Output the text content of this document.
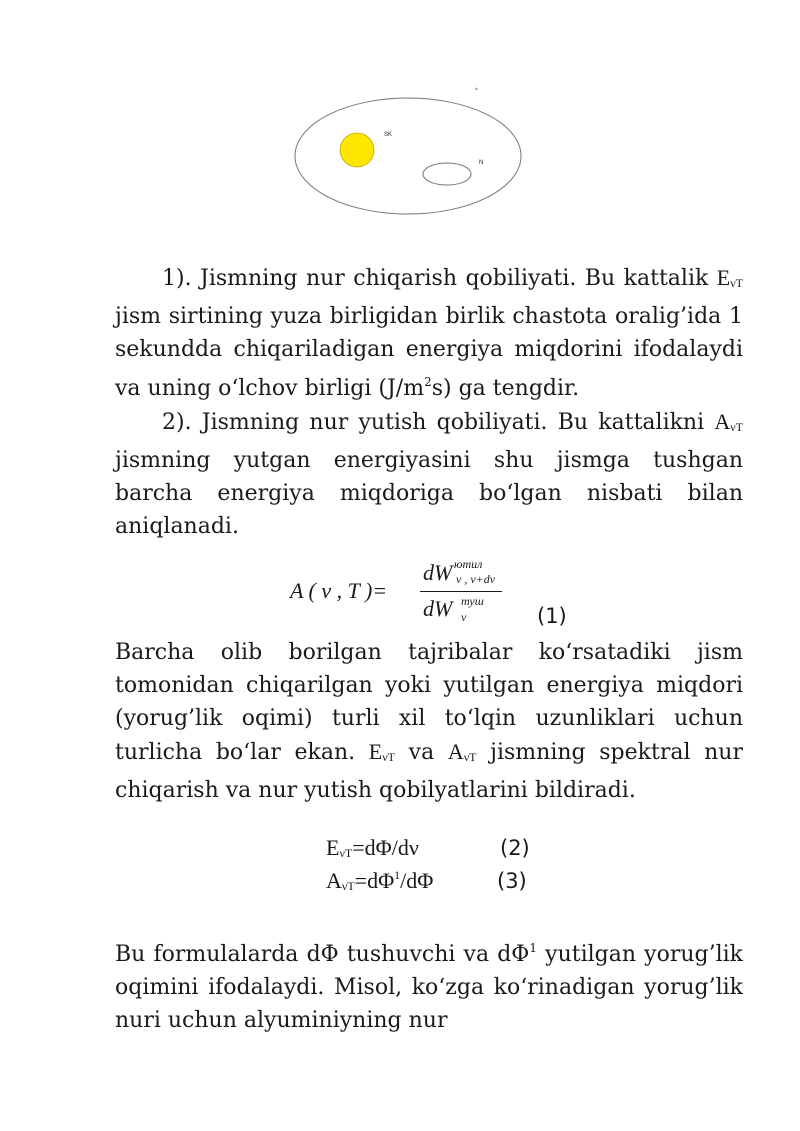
SK
N
^

1). Jismning nur chiqarish qobiliyati. Bu kattalik EνT jism sirtining yuza birligidan birlik chastota oralig’ida 1 sekundda chiqariladigan energiya miqdorini ifodalaydi va uning o‘lchov birligi $(J/m^2s)$ ga tengdir.

2). Jismning nur yutish qobiliyati. Bu kattalikni AνT jismning yutgan energiyasini shu jismga tushgan barcha energiya miqdoriga bo‘lgan nisbati bilan aniqlanadi.

A ( ν , T )=
dW ютил
ν , ν+dν
dW туш
ν	(1)

Barcha olib borilgan tajribalar ko‘rsatadiki jism tomonidan chiqarilgan yoki yutilgan energiya miqdori (yorug’lik oqimi) turli xil to‘lqin uzunliklari uchun turlicha bo‘lar ekan. EνT va AνT jismning spektral nur chiqarish va nur yutish qobilyatlarini bildiradi.

EνT=dΦ/dν	(2)
$A\nu T=d\Phi^1/d\Phi$	(3)

Bu formulalarda dΦ tushuvchi va $d\Phi^1$ yutilgan yorug’lik oqimini ifodalaydi. Misol, ko‘zga ko‘rinadigan yorug’lik nuri uchun alyuminiyning nur
